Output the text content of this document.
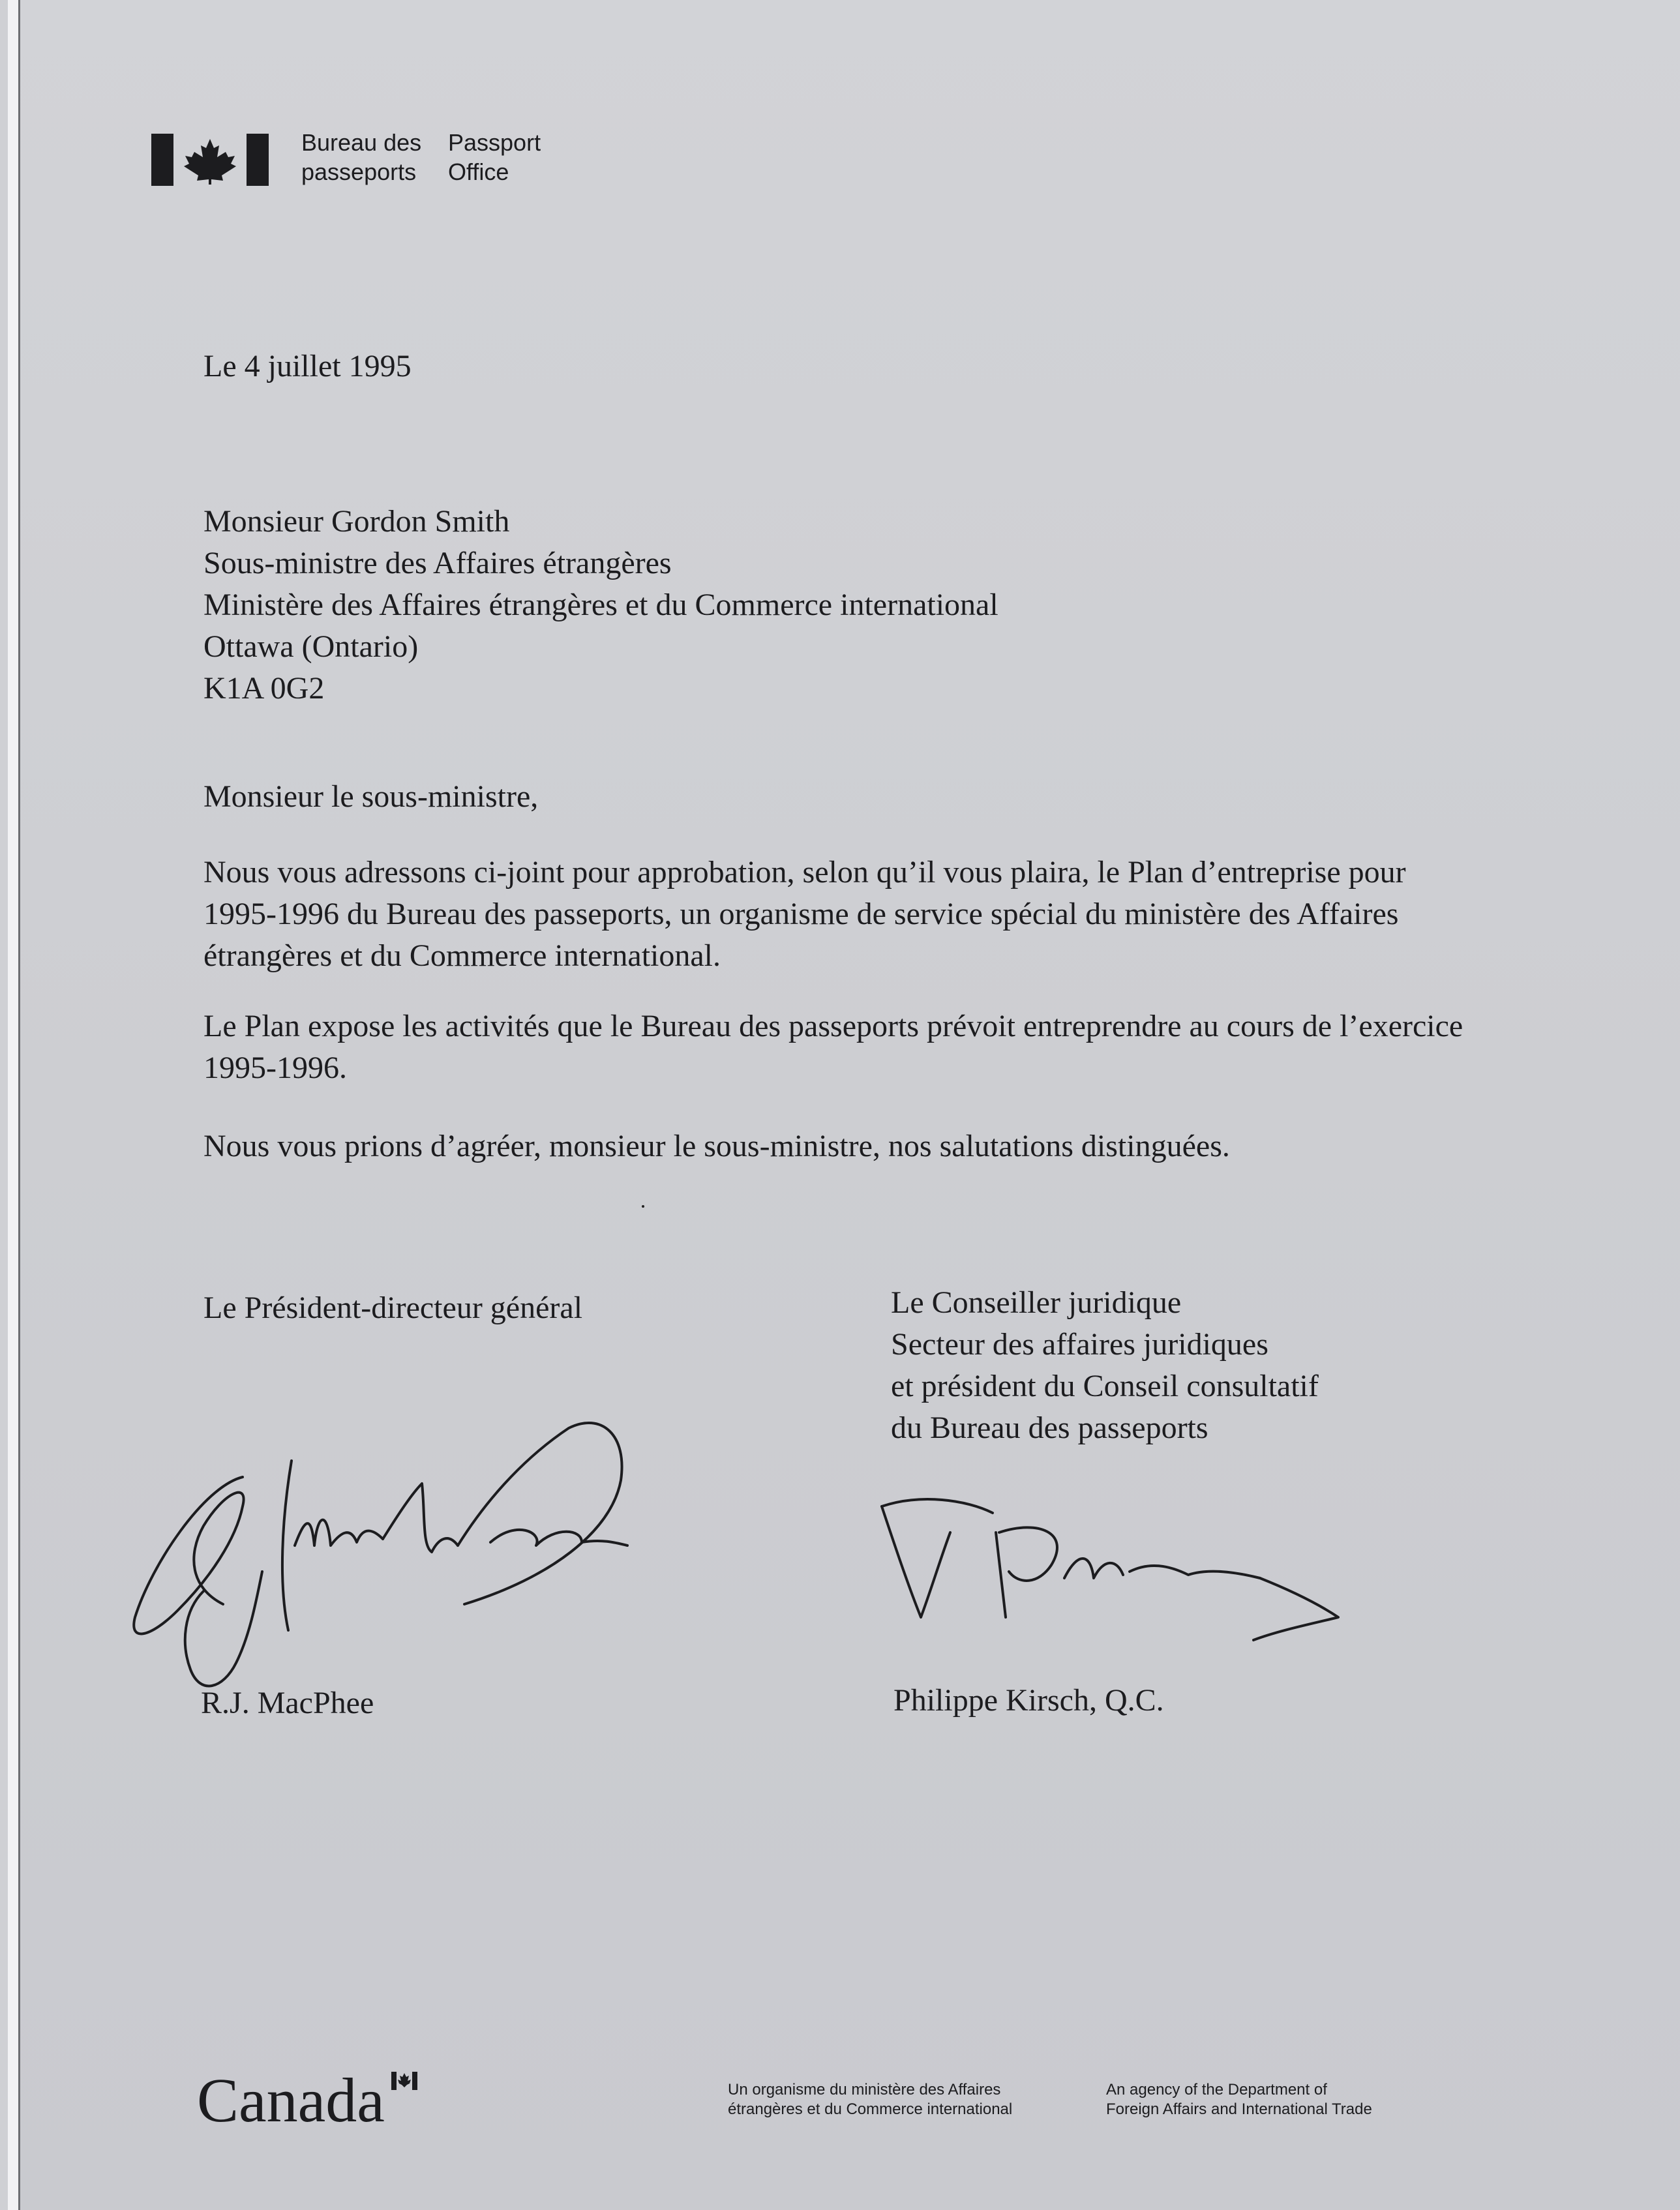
Bureau des
passeports
Passport
Office
Le 4 juillet 1995
Monsieur Gordon Smith
Sous-ministre des Affaires étrangères
Ministère des Affaires étrangères et du Commerce international
Ottawa (Ontario)
K1A 0G2
Monsieur le sous-ministre,
Nous vous adressons ci-joint pour approbation, selon qu’il vous plaira, le Plan d’entreprise pour 1995-1996 du Bureau des passeports, un organisme de service spécial du ministère des Affaires étrangères et du Commerce international.
Le Plan expose les activités que le Bureau des passeports prévoit entreprendre au cours de l’exercice 1995-1996.
Nous vous prions d’agréer, monsieur le sous-ministre, nos salutations distinguées.
Le Président-directeur général	Le Conseiller juridique
Secteur des affaires juridiques
et président du Conseil consultatif
du Bureau des passeports
R.J. MacPhee	Philippe Kirsch, Q.C.
Canada	Un organisme du ministère des Affaires
étrangères et du Commerce international
An agency of the Department of
Foreign Affairs and International Trade
